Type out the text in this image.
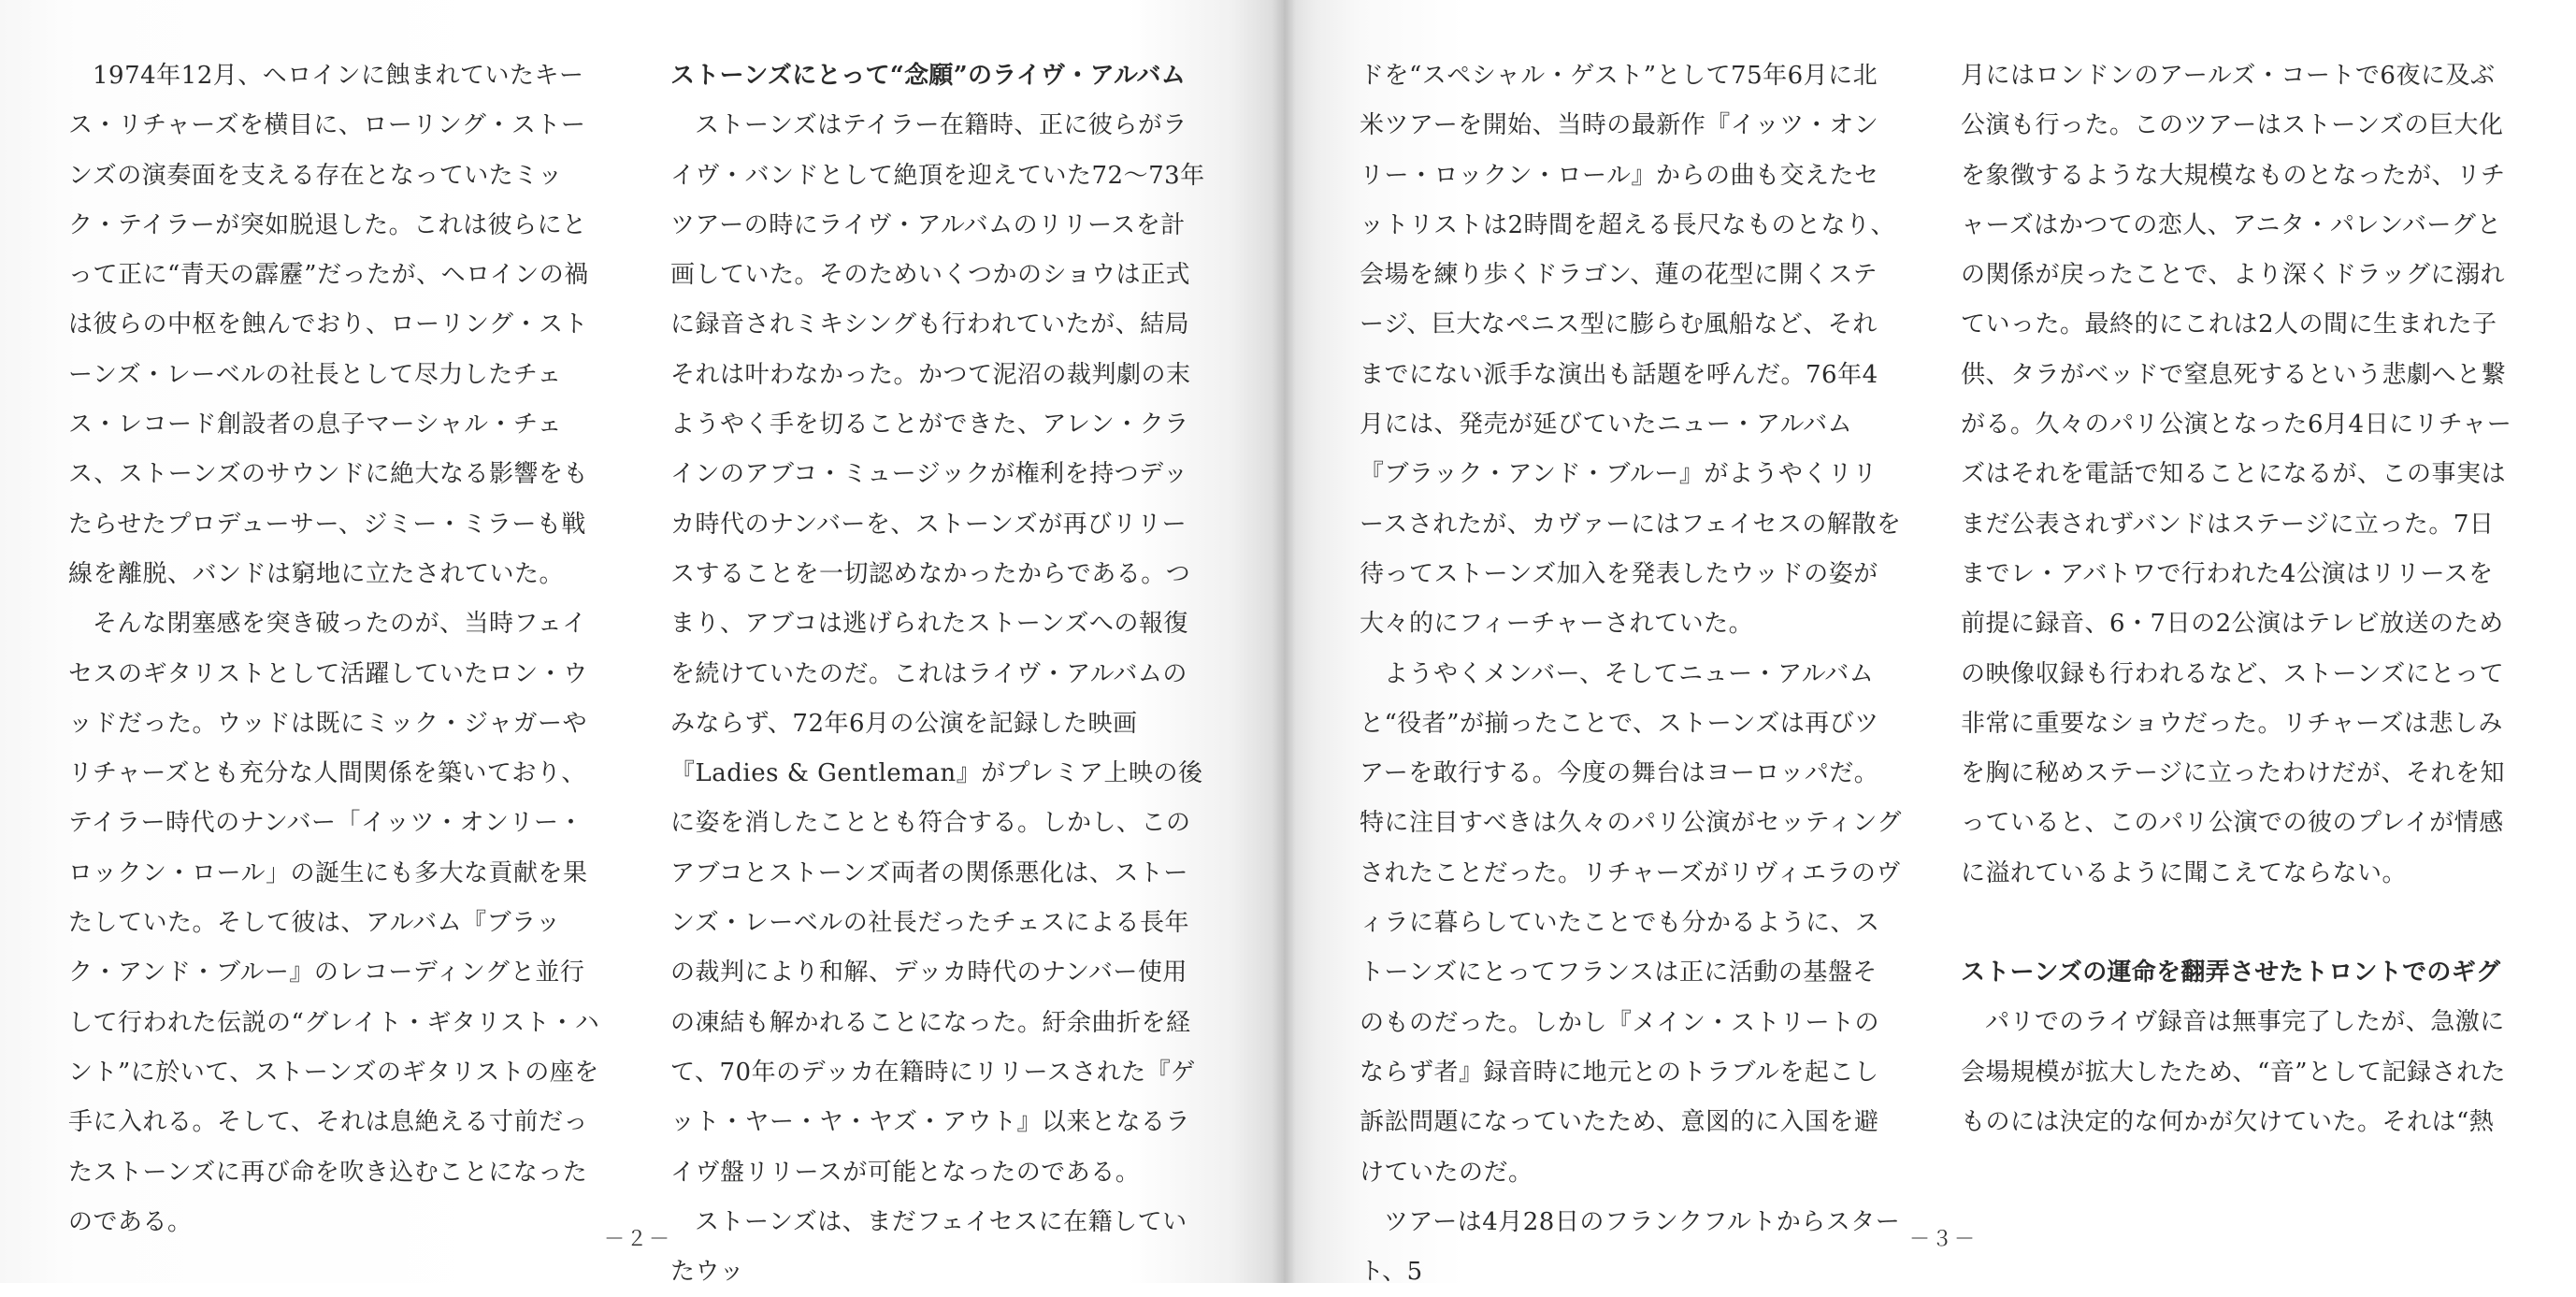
1974年12月、ヘロインに蝕まれていたキース・リチャーズを横目に、ローリング・ストーンズの演奏面を支える存在となっていたミック・テイラーが突如脱退した。これは彼らにとって正に“青天の霹靂”だったが、ヘロインの禍は彼らの中枢を蝕んでおり、ローリング・ストーンズ・レーベルの社長として尽力したチェス・レコード創設者の息子マーシャル・チェス、ストーンズのサウンドに絶大なる影響をもたらせたプロデューサー、ジミー・ミラーも戦線を離脱、バンドは窮地に立たされていた。

そんな閉塞感を突き破ったのが、当時フェイセスのギタリストとして活躍していたロン・ウッドだった。ウッドは既にミック・ジャガーやリチャーズとも充分な人間関係を築いており、テイラー時代のナンバー「イッツ・オンリー・ロックン・ロール」の誕生にも多大な貢献を果たしていた。そして彼は、アルバム『ブラック・アンド・ブルー』のレコーディングと並行して行われた伝説の“グレイト・ギタリスト・ハント”に於いて、ストーンズのギタリストの座を手に入れる。そして、それは息絶える寸前だったストーンズに再び命を吹き込むことになったのである。

ストーンズにとって“念願”のライヴ・アルバム

ストーンズはテイラー在籍時、正に彼らがライヴ・バンドとして絶頂を迎えていた72～73年ツアーの時にライヴ・アルバムのリリースを計画していた。そのためいくつかのショウは正式に録音されミキシングも行われていたが、結局それは叶わなかった。かつて泥沼の裁判劇の末ようやく手を切ることができた、アレン・クラインのアブコ・ミュージックが権利を持つデッカ時代のナンバーを、ストーンズが再びリリースすることを一切認めなかったからである。つまり、アブコは逃げられたストーンズへの報復を続けていたのだ。これはライヴ・アルバムのみならず、72年6月の公演を記録した映画『Ladies & Gentleman』がプレミア上映の後に姿を消したこととも符合する。しかし、このアブコとストーンズ両者の関係悪化は、ストーンズ・レーベルの社長だったチェスによる長年の裁判により和解、デッカ時代のナンバー使用の凍結も解かれることになった。紆余曲折を経て、70年のデッカ在籍時にリリースされた『ゲット・ヤー・ヤ・ヤズ・アウト』以来となるライヴ盤リリースが可能となったのである。

ストーンズは、まだフェイセスに在籍していたウッ

－２－

ドを“スペシャル・ゲスト”として75年6月に北米ツアーを開始、当時の最新作『イッツ・オンリー・ロックン・ロール』からの曲も交えたセットリストは2時間を超える長尺なものとなり、会場を練り歩くドラゴン、蓮の花型に開くステージ、巨大なペニス型に膨らむ風船など、それまでにない派手な演出も話題を呼んだ。76年4月には、発売が延びていたニュー・アルバム『ブラック・アンド・ブルー』がようやくリリースされたが、カヴァーにはフェイセスの解散を待ってストーンズ加入を発表したウッドの姿が大々的にフィーチャーされていた。

ようやくメンバー、そしてニュー・アルバムと“役者”が揃ったことで、ストーンズは再びツアーを敢行する。今度の舞台はヨーロッパだ。特に注目すべきは久々のパリ公演がセッティングされたことだった。リチャーズがリヴィエラのヴィラに暮らしていたことでも分かるように、ストーンズにとってフランスは正に活動の基盤そのものだった。しかし『メイン・ストリートのならず者』録音時に地元とのトラブルを起こし訴訟問題になっていたため、意図的に入国を避けていたのだ。

ツアーは4月28日のフランクフルトからスタート、5

月にはロンドンのアールズ・コートで6夜に及ぶ公演も行った。このツアーはストーンズの巨大化を象徴するような大規模なものとなったが、リチャーズはかつての恋人、アニタ・パレンバーグとの関係が戻ったことで、より深くドラッグに溺れていった。最終的にこれは2人の間に生まれた子供、タラがベッドで窒息死するという悲劇へと繋がる。久々のパリ公演となった6月4日にリチャーズはそれを電話で知ることになるが、この事実はまだ公表されずバンドはステージに立った。7日までレ・アバトワで行われた4公演はリリースを前提に録音、6・7日の2公演はテレビ放送のための映像収録も行われるなど、ストーンズにとって非常に重要なショウだった。リチャーズは悲しみを胸に秘めステージに立ったわけだが、それを知っていると、このパリ公演での彼のプレイが情感に溢れているように聞こえてならない。

ストーンズの運命を翻弄させたトロントでのギグ

パリでのライヴ録音は無事完了したが、急激に会場規模が拡大したため、“音”として記録されたものには決定的な何かが欠けていた。それは“熱

－３－
